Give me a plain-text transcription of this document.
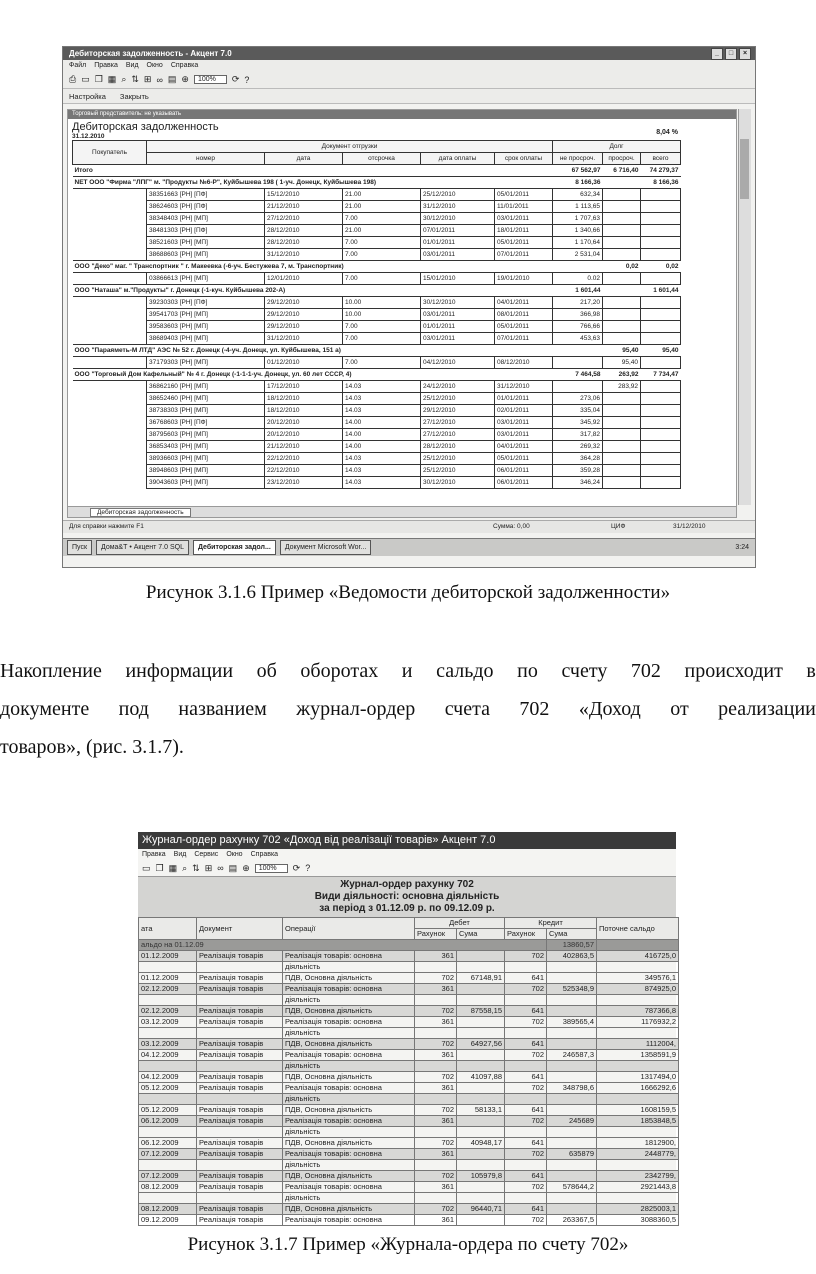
Дебиторская задолженность - Акцент 7.0	_	□	×
Файл Правка Вид Окно Справка
⎙ ▭ ❐ ▦ ⌕ ⇅ ⊞ ∞ ▤ ⊕	100%	⟳ ?
Настройка Закрыть
Торговый представитель: не указывать
Дебиторская задолженность	8,04 %
31.12.2010
Покупатель	Документ отгрузки					Долг		
	номер	дата	отсрочка	дата оплаты	срок оплаты	не просроч.	просроч.	всего
Итого						67 562,97	6 716,40	74 279,37
NET ООО "Фирма "ЛПГ" м. "Продукты №6-Р", Куйбышева 198 ( 1-уч. Донецк, Куйбышева 198)						8 166,36		8 166,36
	38351663 [РН] [ПФ]	15/12/2010	21.00	25/12/2010	05/01/2011	632,34		
	38624603 [РН] [ПФ]	21/12/2010	21.00	31/12/2010	11/01/2011	1 113,65		
	38348403 [РН] [МП]	27/12/2010	7.00	30/12/2010	03/01/2011	1 707,63		
	38481303 [РН] [ПФ]	28/12/2010	21.00	07/01/2011	18/01/2011	1 340,66		
	38521603 [РН] [МП]	28/12/2010	7.00	01/01/2011	05/01/2011	1 170,64		
	38688603 [РН] [МП]	31/12/2010	7.00	03/01/2011	07/01/2011	2 531,04		
ООО "Деко" маг. " Транспортник " г. Макеевка (-6-уч. Бестужева 7, м. Транспортник)							0,02	0,02
	03866613 [РН] [МП]	12/01/2010	7.00	15/01/2010	19/01/2010	0.02		
ООО "Наташа" м."Продукты" г. Донецк (-1-куч. Куйбышева 202-А)						1 601,44		1 601,44
	39230303 [РН] [ПФ]	29/12/2010	10.00	30/12/2010	04/01/2011	217,20		
	39541703 [РН] [МП]	29/12/2010	10.00	03/01/2011	08/01/2011	366,98		
	39583603 [РН] [МП]	29/12/2010	7.00	01/01/2011	05/01/2011	766,66		
	38689403 [РН] [МП]	31/12/2010	7.00	03/01/2011	07/01/2011	453,63		
ООО "Параяметь-М ЛТД" АЭС № 52 г. Донецк (-4-уч. Донецк, ул. Куйбышева, 151 а)							95,40	95,40
	37179303 [РН] [МП]	01/12/2010	7.00	04/12/2010	08/12/2010		95,40	
ООО "Торговый Дом Кафельный" № 4 г. Донецк (-1-1-1-уч. Донецк, ул. 60 лет СССР, 4)						7 464,58	263,92	7 734,47
	36862160 [РН] [МП]	17/12/2010	14.03	24/12/2010	31/12/2010		283,92	
	38652460 [РН] [МП]	18/12/2010	14.03	25/12/2010	01/01/2011	273,06		
	38738303 [РН] [МП]	18/12/2010	14.03	29/12/2010	02/01/2011	335,04		
	36768603 [РН] [ПФ]	20/12/2010	14.00	27/12/2010	03/01/2011	345,92		
	38795603 [РН] [МП]	20/12/2010	14.00	27/12/2010	03/01/2011	317,82		
	36853403 [РН] [МП]	21/12/2010	14.00	28/12/2010	04/01/2011	269,32		
	38936603 [РН] [МП]	22/12/2010	14.03	25/12/2010	05/01/2011	364,28		
	38948603 [РН] [МП]	22/12/2010	14.03	25/12/2010	06/01/2011	359,28		
	39043603 [РН] [МП]	23/12/2010	14.03	30/12/2010	06/01/2011	346,24		
Дебиторская задолженность
Для справки нажмите F1	Сумма: 0,00	ЦИФ	31/12/2010
Пуск	Дома&Т • Акцент 7.0 SQL	Дебиторская задол...	Документ Microsoft Wor...	3:24
Рисунок 3.1.6 Пример «Ведомости дебиторской задолженности»
Накопление информации об оборотах и сальдо по счету 702 происходит в
документе под названием журнал-ордер счета 702 «Доход от реализации
товаров», (рис. 3.1.7).
Журнал-ордер рахунку 702 «Доход від реалізації товарів» Акцент 7.0
Правка Вид Сервис Окно Справка
▭ ❐ ▦ ⌕ ⇅ ⊞ ∞ ▤ ⊕	100%	⟳ ?
Журнал-ордер рахунку 702
Види діяльності: основна діяльність
за період з 01.12.09 р. по 09.12.09 р.
ата	Документ	Операції	Дебет		Кредит		Поточне сальдо
			Рахунок	Сума	Рахунок	Сума	
альдо на 01.12.09						13860,57	
01.12.2009	Реалізація товарів	Реалізація товарів: основна	361		702	402863,5	416725,0
		діяльність					
01.12.2009	Реалізація товарів	ПДВ, Основна діяльність	702	67148,91	641		349576,1
02.12.2009	Реалізація товарів	Реалізація товарів: основна	361		702	525348,9	874925,0
		діяльність					
02.12.2009	Реалізація товарів	ПДВ, Основна діяльність	702	87558,15	641		787366,8
03.12.2009	Реалізація товарів	Реалізація товарів: основна	361		702	389565,4	1176932,2
		діяльність					
03.12.2009	Реалізація товарів	ПДВ, Основна діяльність	702	64927,56	641		1112004,
04.12.2009	Реалізація товарів	Реалізація товарів: основна	361		702	246587,3	1358591,9
		діяльність					
04.12.2009	Реалізація товарів	ПДВ, Основна діяльність	702	41097,88	641		1317494,0
05.12.2009	Реалізація товарів	Реалізація товарів: основна	361		702	348798,6	1666292,6
		діяльність					
05.12.2009	Реалізація товарів	ПДВ, Основна діяльність	702	58133,1	641		1608159,5
06.12.2009	Реалізація товарів	Реалізація товарів: основна	361		702	245689	1853848,5
		діяльність					
06.12.2009	Реалізація товарів	ПДВ, Основна діяльність	702	40948,17	641		1812900,
07.12.2009	Реалізація товарів	Реалізація товарів: основна	361		702	635879	2448779,
		діяльність					
07.12.2009	Реалізація товарів	ПДВ, Основна діяльність	702	105979,8	641		2342799,
08.12.2009	Реалізація товарів	Реалізація товарів: основна	361		702	578644,2	2921443,8
		діяльність					
08.12.2009	Реалізація товарів	ПДВ, Основна діяльність	702	96440,71	641		2825003,1
09.12.2009	Реалізація товарів	Реалізація товарів: основна	361		702	263367,5	3088360,5
Рисунок 3.1.7 Пример «Журнала-ордера по счету 702»
